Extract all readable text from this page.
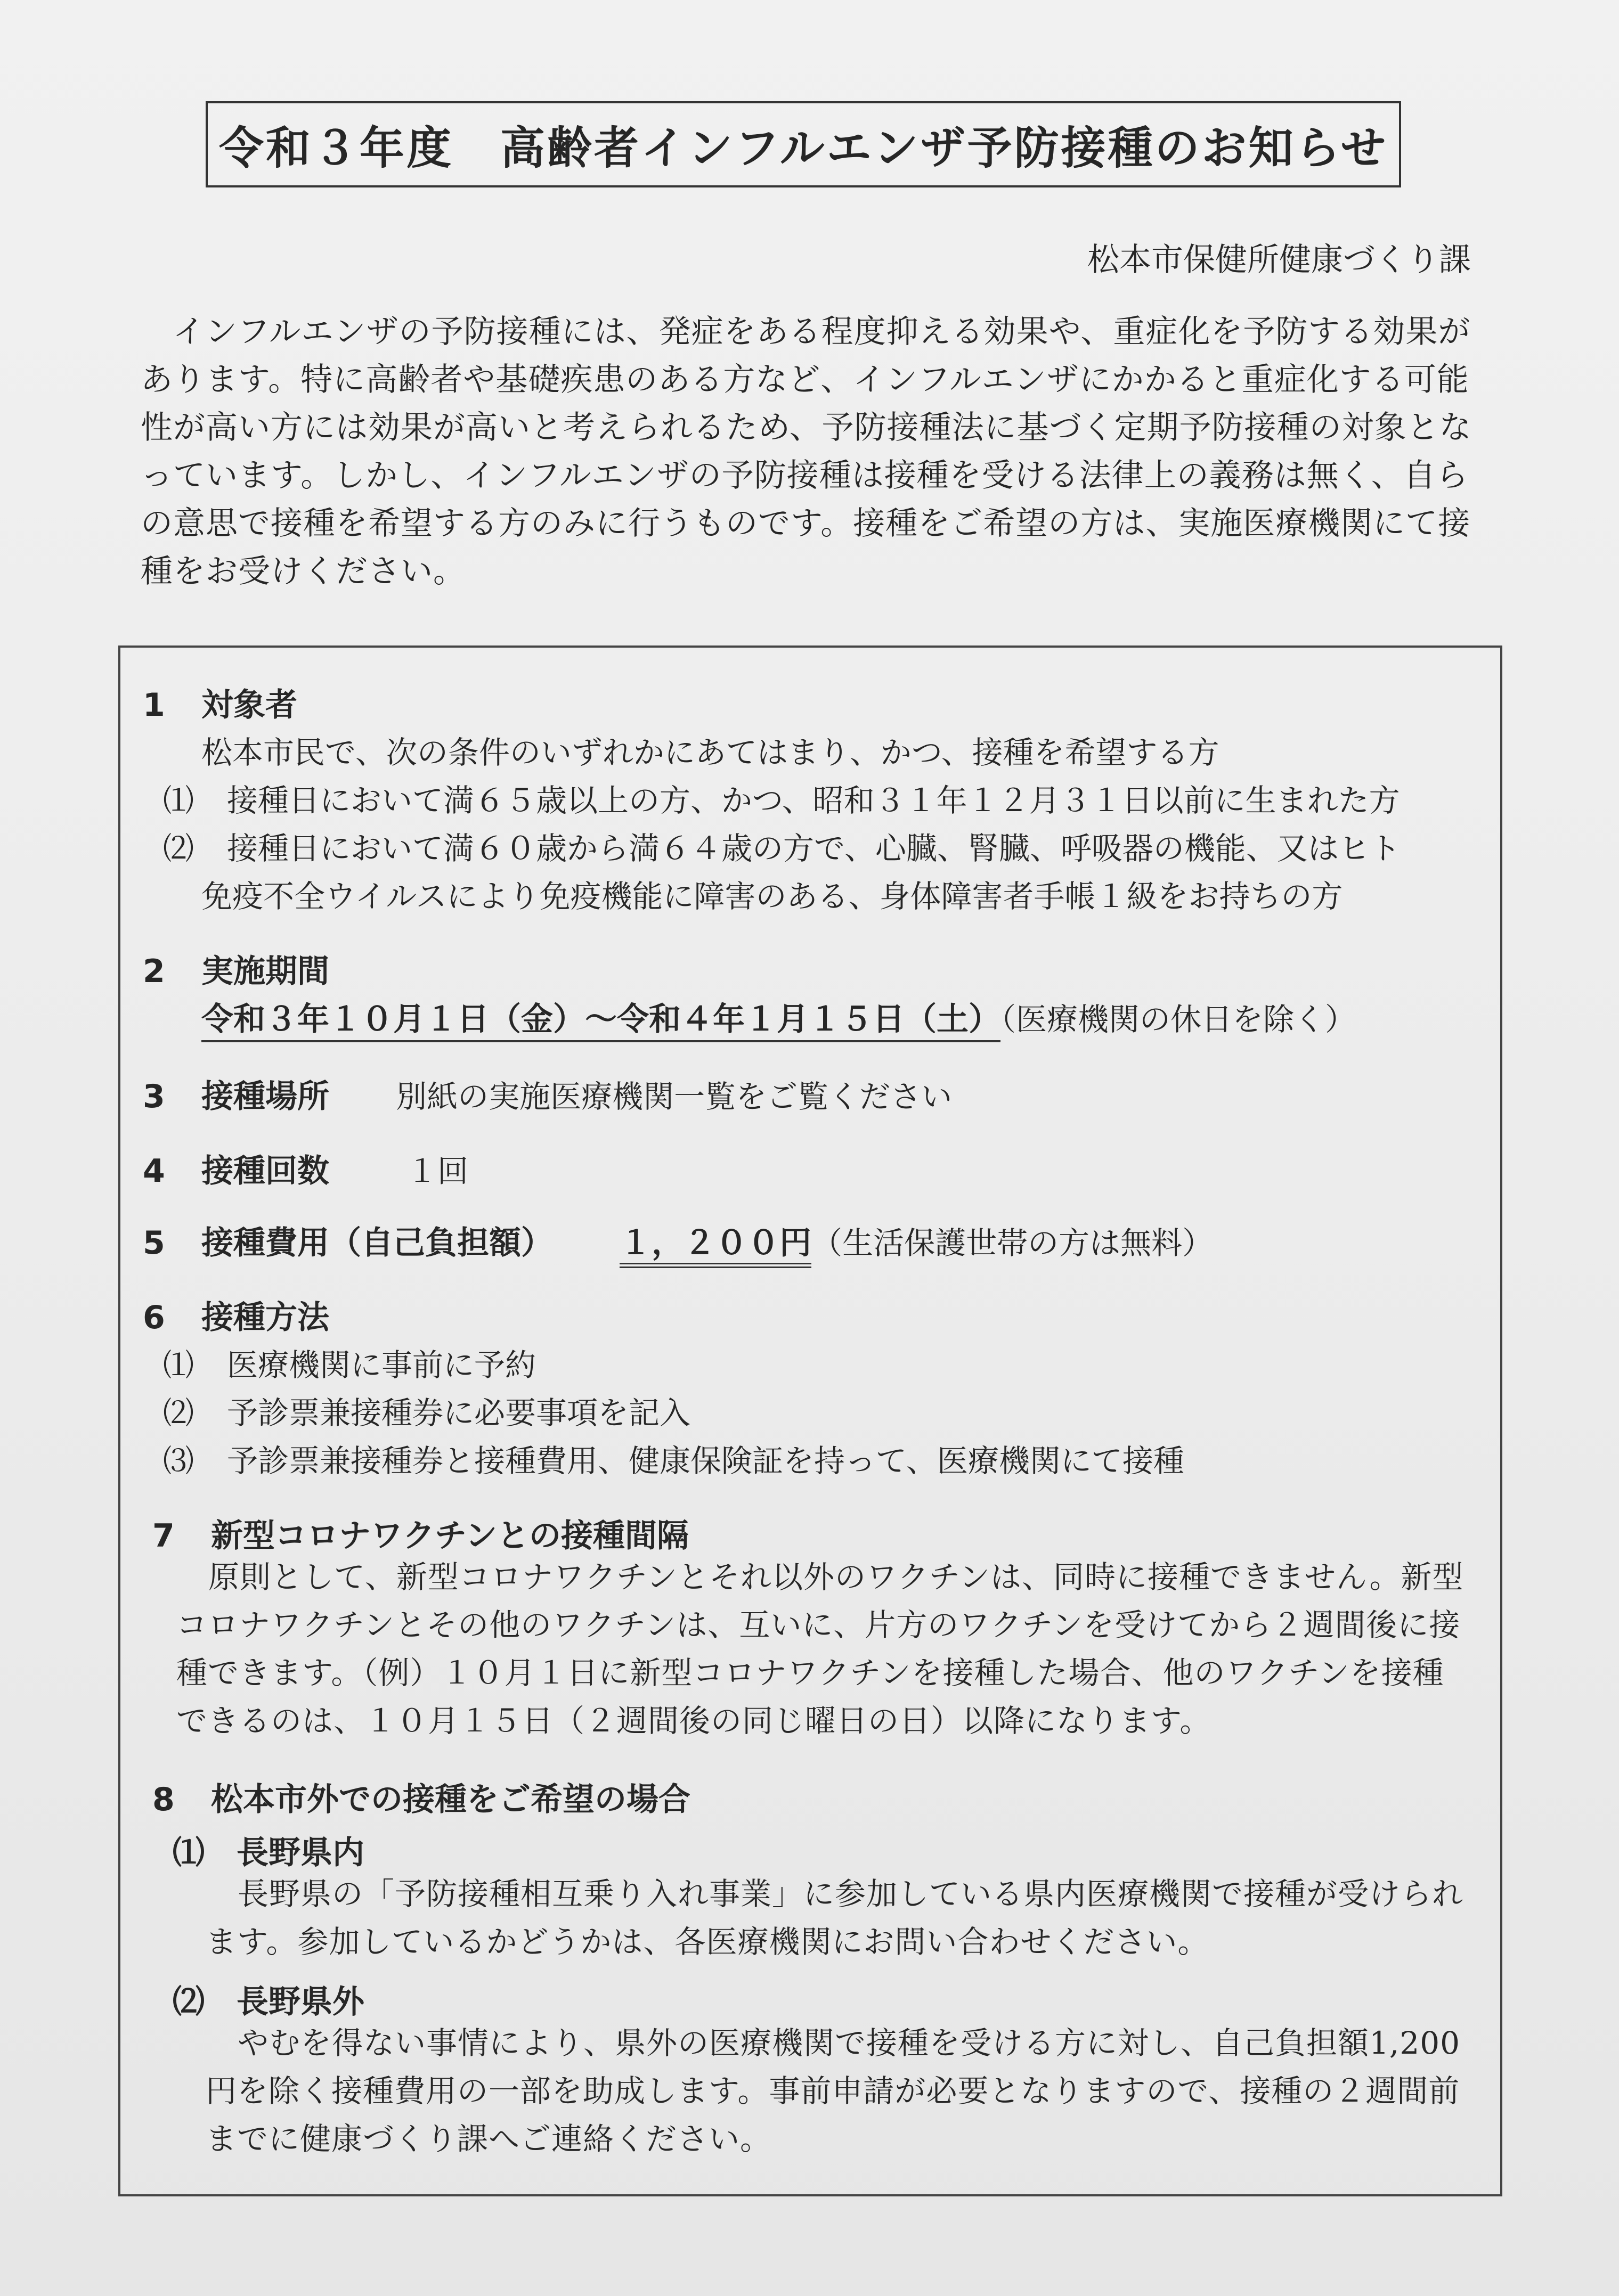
令和３年度　高齢者インフルエンザ予防接種のお知らせ
松本市保健所健康づくり課
インフルエンザの予防接種には、発症をある程度抑える効果や、重症化を予防する効果があります。特に高齢者や基礎疾患のある方など、インフルエンザにかかると重症化する可能性が高い方には効果が高いと考えられるため、予防接種法に基づく定期予防接種の対象となっています。しかし、インフルエンザの予防接種は接種を受ける法律上の義務は無く、自らの意思で接種を希望する方のみに行うものです。接種をご希望の方は、実施医療機関にて接種をお受けください。
1 対象者
松本市民で、次の条件のいずれかにあてはまり、かつ、接種を希望する方
⑴ 接種日において満６５歳以上の方、かつ、昭和３１年１２月３１日以前に生まれた方
⑵ 接種日において満６０歳から満６４歳の方で、心臓、腎臓、呼吸器の機能、又はヒト
免疫不全ウイルスにより免疫機能に障害のある、身体障害者手帳１級をお持ちの方
2 実施期間
令和３年１０月１日（金）～令和４年１月１５日（土）（医療機関の休日を除く）
3 接種場所 別紙の実施医療機関一覧をご覧ください
4 接種回数	１回
5 接種費用（自己負担額） １，２００円（生活保護世帯の方は無料）
6 接種方法
⑴ 医療機関に事前に予約
⑵ 予診票兼接種券に必要事項を記入
⑶ 予診票兼接種券と接種費用、健康保険証を持って、医療機関にて接種
7 新型コロナワクチンとの接種間隔
原則として、新型コロナワクチンとそれ以外のワクチンは、同時に接種できません。新型コロナワクチンとその他のワクチンは、互いに、片方のワクチンを受けてから２週間後に接種できます。（例）１０月１日に新型コロナワクチンを接種した場合、他のワクチンを接種できるのは、１０月１５日（２週間後の同じ曜日の日）以降になります。
8 松本市外での接種をご希望の場合
⑴ 長野県内
長野県の「予防接種相互乗り入れ事業」に参加している県内医療機関で接種が受けられます。参加しているかどうかは、各医療機関にお問い合わせください。
⑵ 長野県外
やむを得ない事情により、県外の医療機関で接種を受ける方に対し、自己負担額1,200円を除く接種費用の一部を助成します。事前申請が必要となりますので、接種の２週間前までに健康づくり課へご連絡ください。
